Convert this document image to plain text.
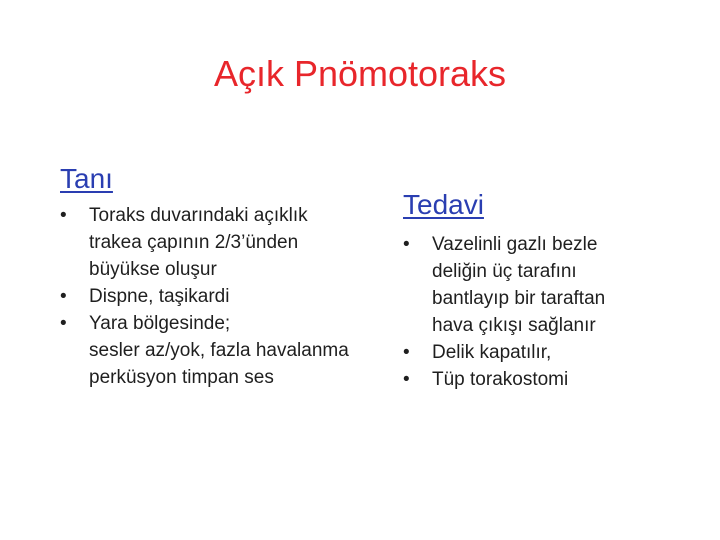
Açık Pnömotoraks
Tanı
•	Toraks duvarındaki açıklık
trakea çapının 2/3’ünden
büyükse oluşur
•	Dispne, taşikardi
•	Yara bölgesinde;
sesler az/yok, fazla havalanma
perküsyon timpan ses
Tedavi
•	Vazelinli gazlı bezle
deliğin üç tarafını
bantlayıp bir taraftan
hava çıkışı sağlanır
•	Delik kapatılır,
•	Tüp torakostomi
